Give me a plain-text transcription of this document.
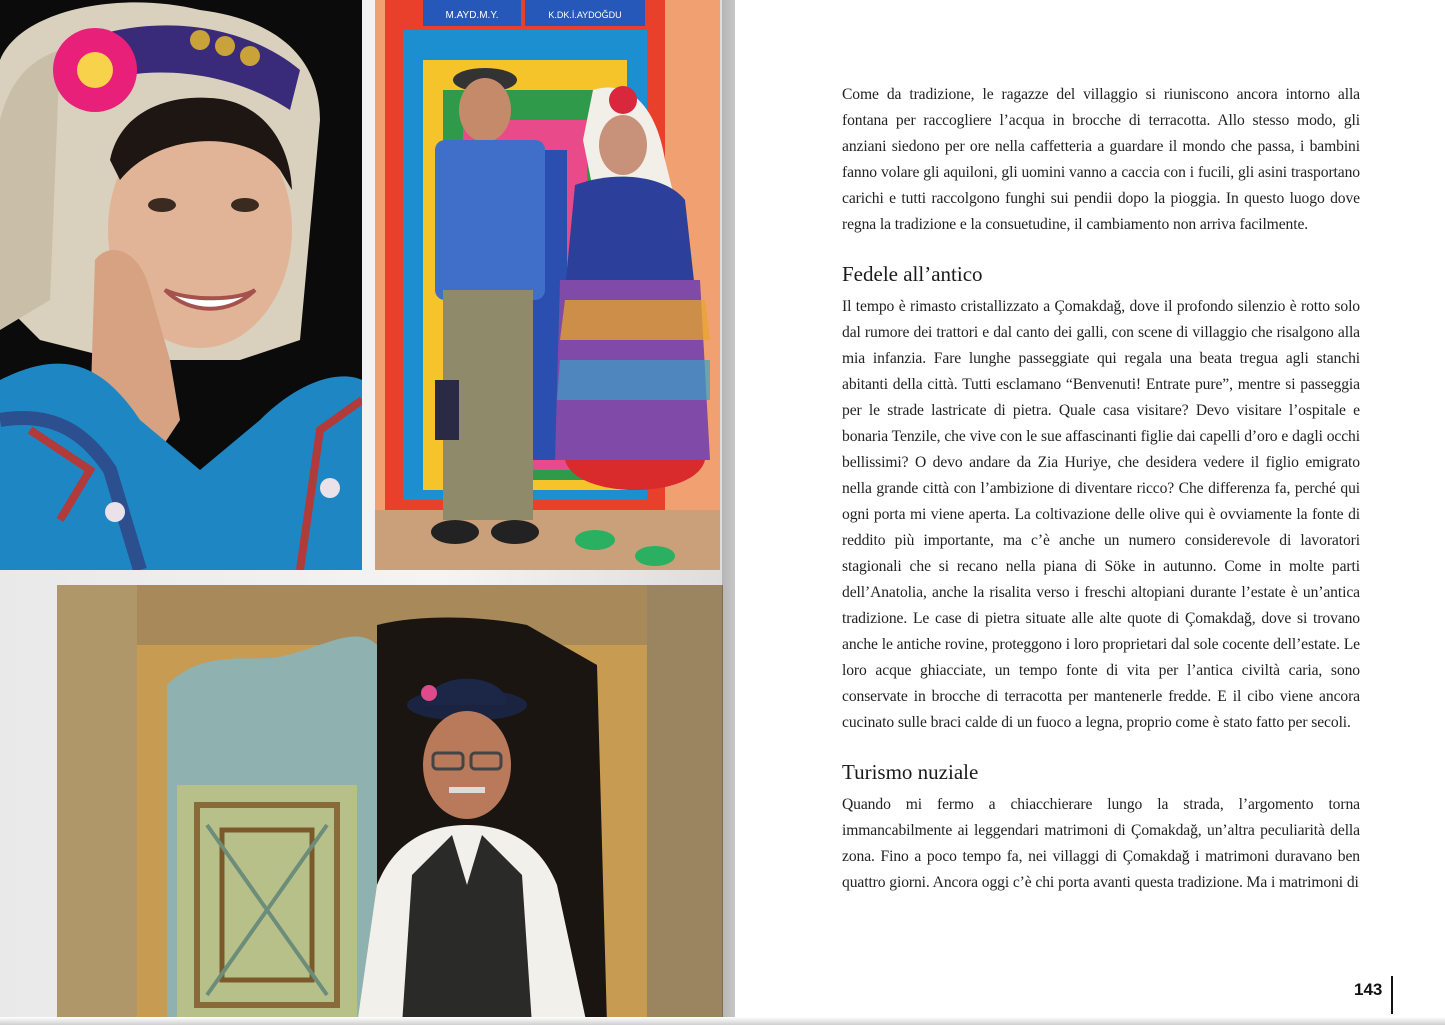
M.AYD.M.Y.	K.DK.İ.AYDOĞDU

Come da tradizione, le ragazze del villaggio si riuniscono ancora intorno alla fontana per raccogliere l’acqua in brocche di terracotta. Allo stesso modo, gli anziani siedono per ore nella caffetteria a guardare il mondo che passa, i bambini fanno volare gli aquiloni, gli uomini vanno a caccia con i fucili, gli asini trasportano carichi e tutti raccolgono funghi sui pendii dopo la pioggia. In questo luogo dove regna la tradizione e la consuetudine, il cambiamento non arriva facilmente.

Fedele all’antico

Il tempo è rimasto cristallizzato a Çomakdağ, dove il profondo silenzio è rotto solo dal rumore dei trattori e dal canto dei galli, con scene di villaggio che risalgono alla mia infanzia. Fare lunghe passeggiate qui regala una beata tregua agli stanchi abitanti della città. Tutti esclamano “Benvenuti! Entrate pure”, mentre si passeggia per le strade lastricate di pietra. Quale casa visitare? Devo visitare l’ospitale e bonaria Tenzile, che vive con le sue affascinanti figlie dai capelli d’oro e dagli occhi bellissimi? O devo andare da Zia Huriye, che desidera vedere il figlio emigrato nella grande città con l’ambizione di diventare ricco? Che differenza fa, perché qui ogni porta mi viene aperta. La coltivazione delle olive qui è ovviamente la fonte di reddito più importante, ma c’è anche un numero considerevole di lavoratori stagionali che si recano nella piana di Söke in autunno. Come in molte parti dell’Anatolia, anche la risalita verso i freschi altopiani durante l’estate è un’antica tradizione. Le case di pietra situate alle alte quote di Çomakdağ, dove si trovano anche le antiche rovine, proteggono i loro proprietari dal sole cocente dell’estate. Le loro acque ghiacciate, un tempo fonte di vita per l’antica civiltà caria, sono conservate in brocche di terracotta per mantenerle fredde. E il cibo viene ancora cucinato sulle braci calde di un fuoco a legna, proprio come è stato fatto per secoli.

Turismo nuziale

Quando mi fermo a chiacchierare lungo la strada, l’argomento torna immancabilmente ai leggendari matrimoni di Çomakdağ, un’altra peculiarità della zona. Fino a poco tempo fa, nei villaggi di Çomakdağ i matrimoni duravano ben quattro giorni. Ancora oggi c’è chi porta avanti questa tradizione. Ma i matrimoni di

143
